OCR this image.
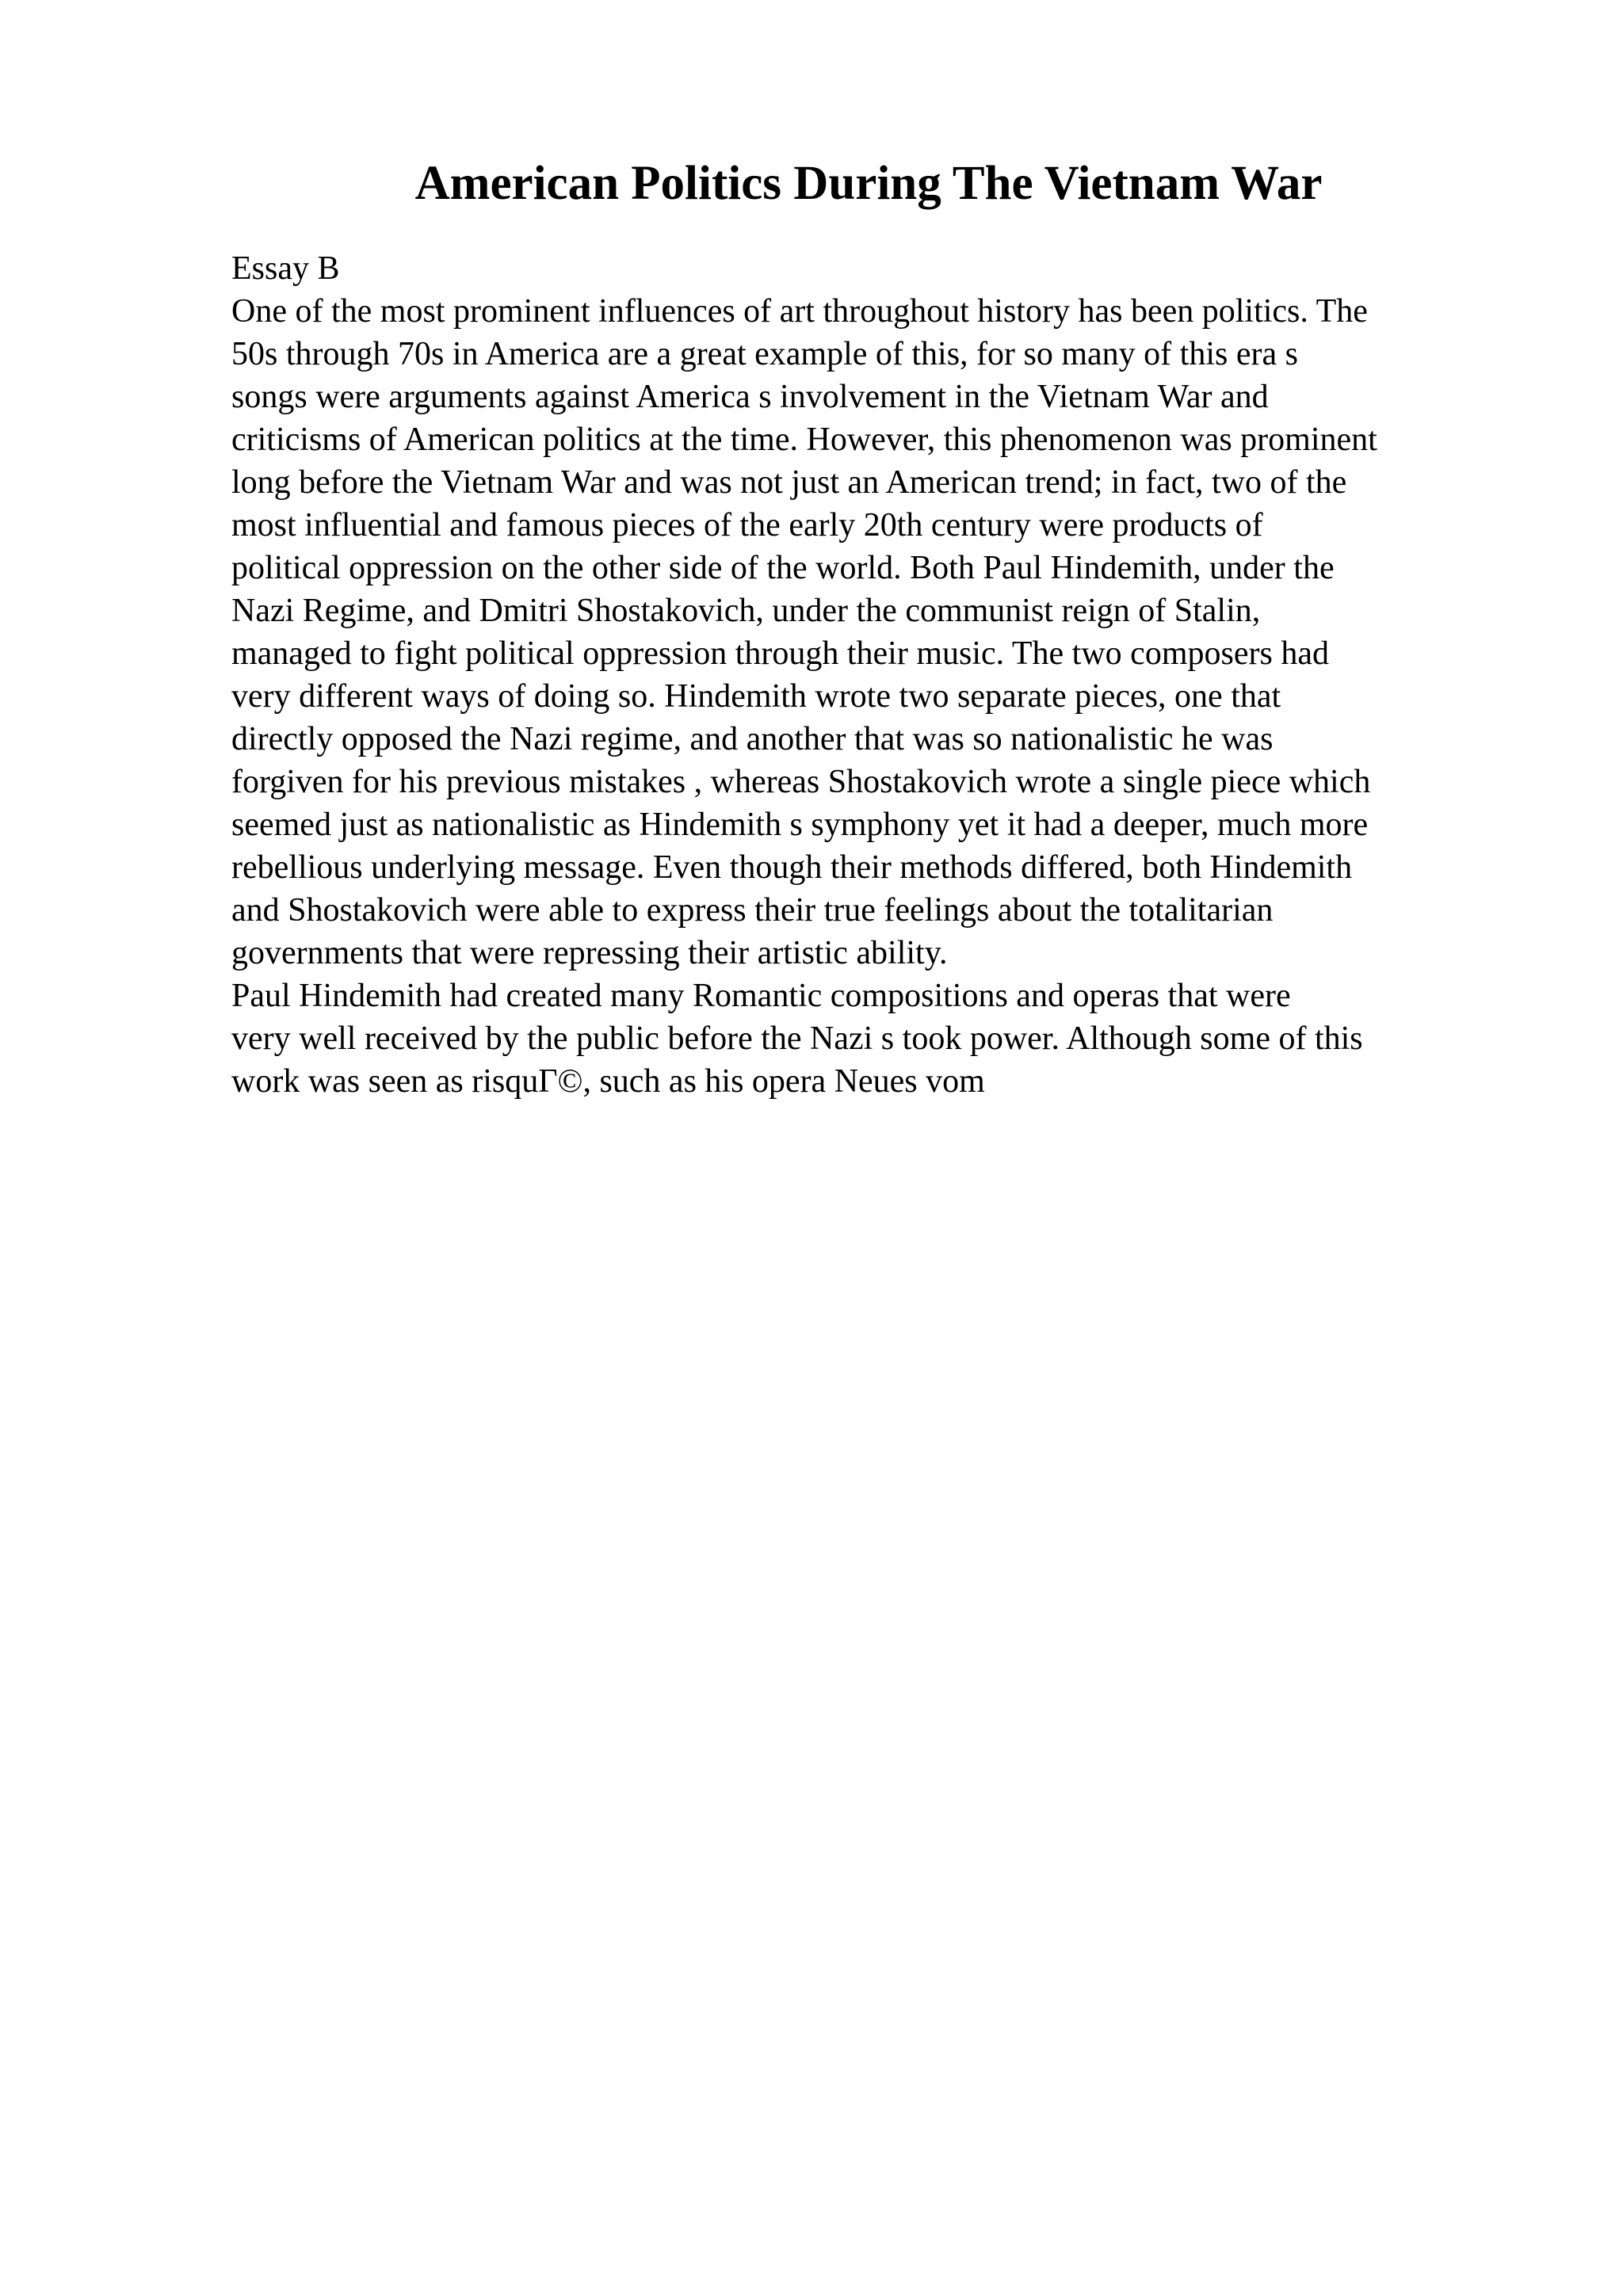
American Politics During The Vietnam War
Essay B
One of the most prominent influences of art throughout history has been politics. The
50s through 70s in America are a great example of this, for so many of this era s
songs were arguments against America s involvement in the Vietnam War and
criticisms of American politics at the time. However, this phenomenon was prominent
long before the Vietnam War and was not just an American trend; in fact, two of the
most influential and famous pieces of the early 20th century were products of
political oppression on the other side of the world. Both Paul Hindemith, under the
Nazi Regime, and Dmitri Shostakovich, under the communist reign of Stalin,
managed to fight political oppression through their music. The two composers had
very different ways of doing so. Hindemith wrote two separate pieces, one that
directly opposed the Nazi regime, and another that was so nationalistic he was
forgiven for his previous mistakes , whereas Shostakovich wrote a single piece which
seemed just as nationalistic as Hindemith s symphony yet it had a deeper, much more
rebellious underlying message. Even though their methods differed, both Hindemith
and Shostakovich were able to express their true feelings about the totalitarian
governments that were repressing their artistic ability.
Paul Hindemith had created many Romantic compositions and operas that were
very well received by the public before the Nazi s took power. Although some of this
work was seen as risquГ©, such as his opera Neues vom
